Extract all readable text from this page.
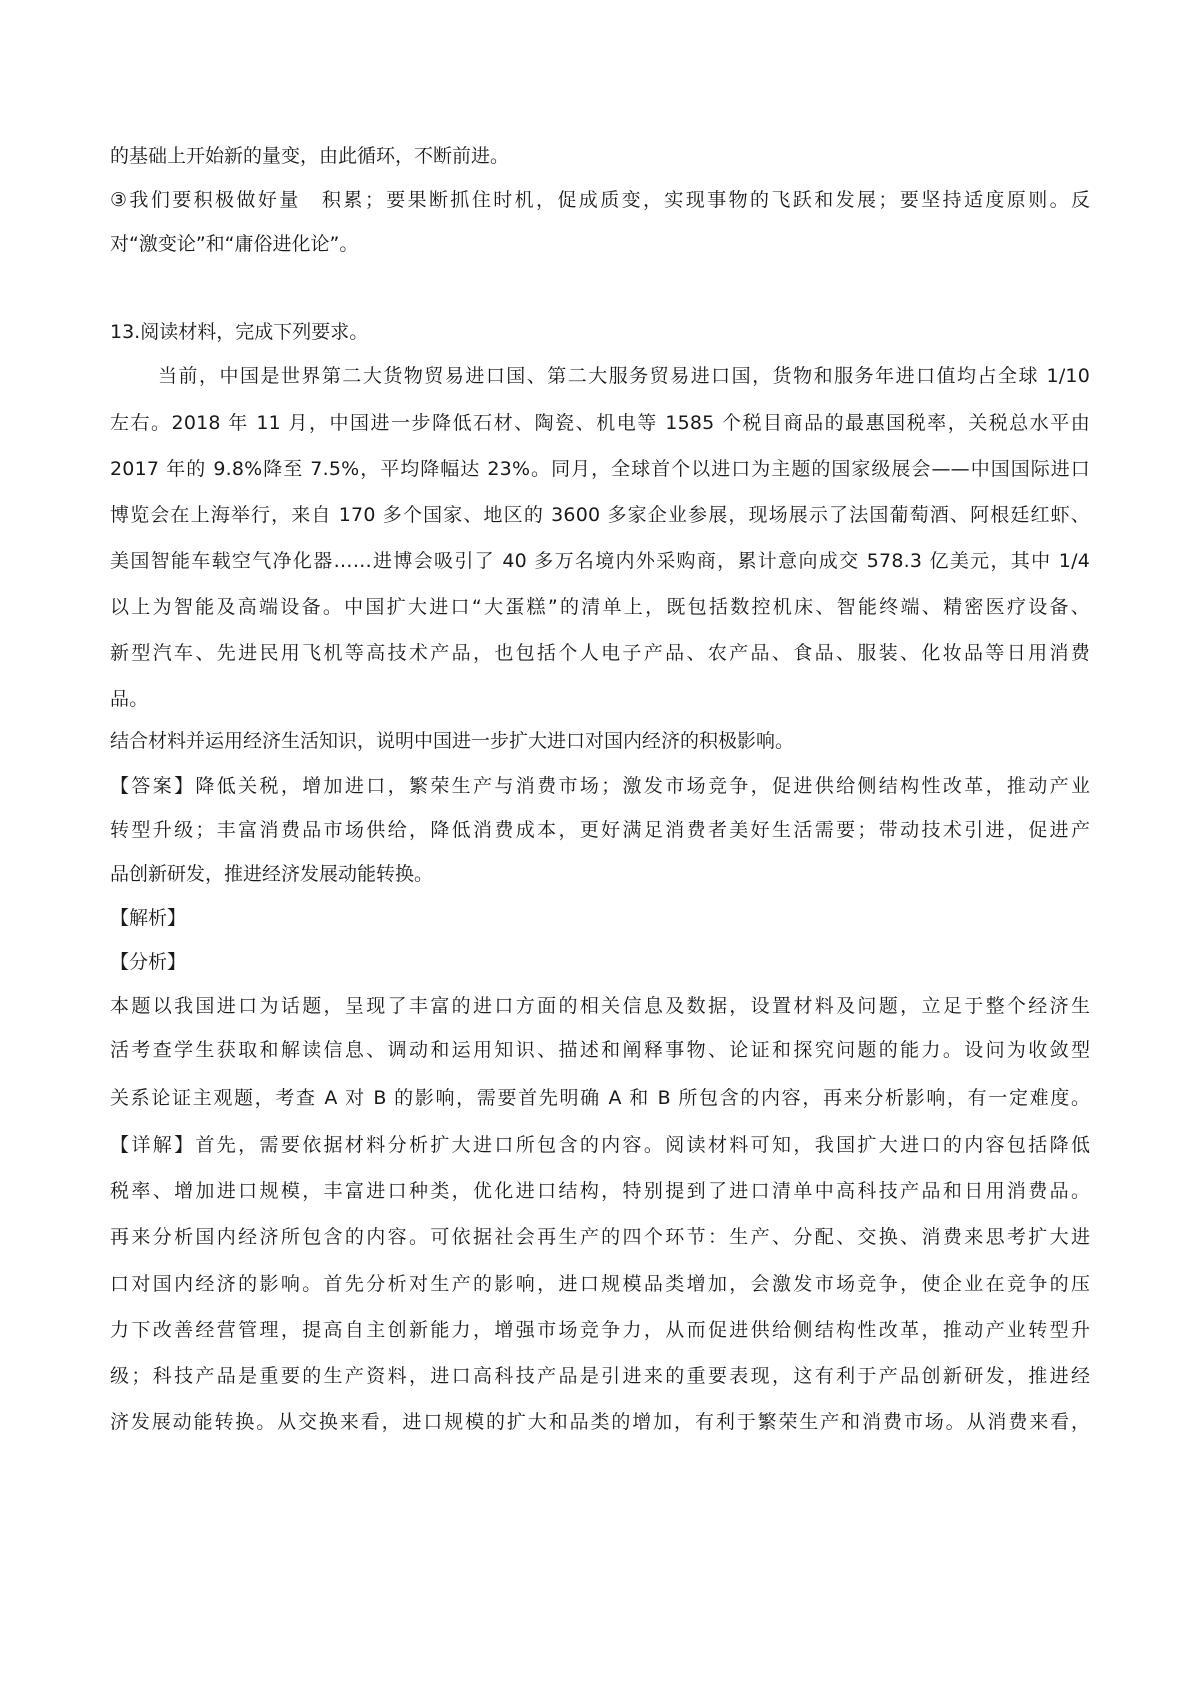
的基础上开始新的量变，由此循环，不断前进。
③我们要积极做好量　积累；要果断抓住时机，促成质变，实现事物的飞跃和发展；要坚持适度原则。反
对“激变论”和“庸俗进化论”。
13.阅读材料，完成下列要求。
当前，中国是世界第二大货物贸易进口国、第二大服务贸易进口国，货物和服务年进口值均占全球 1/10
左右。2018 年 11 月，中国进一步降低石材、陶瓷、机电等 1585 个税目商品的最惠国税率，关税总水平由
2017 年的 9.8%降至 7.5%，平均降幅达 23%。同月，全球首个以进口为主题的国家级展会——中国国际进口
博览会在上海举行，来自 170 多个国家、地区的 3600 多家企业参展，现场展示了法国葡萄酒、阿根廷红虾、
美国智能车载空气净化器……进博会吸引了 40 多万名境内外采购商，累计意向成交 578.3 亿美元，其中 1/4
以上为智能及高端设备。中国扩大进口“大蛋糕”的清单上，既包括数控机床、智能终端、精密医疗设备、
新型汽车、先进民用飞机等高技术产品，也包括个人电子产品、农产品、食品、服装、化妆品等日用消费
品。
结合材料并运用经济生活知识，说明中国进一步扩大进口对国内经济的积极影响。
【答案】降低关税，增加进口，繁荣生产与消费市场；激发市场竞争，促进供给侧结构性改革，推动产业
转型升级；丰富消费品市场供给，降低消费成本，更好满足消费者美好生活需要；带动技术引进，促进产
品创新研发，推进经济发展动能转换。
【解析】
【分析】
本题以我国进口为话题，呈现了丰富的进口方面的相关信息及数据，设置材料及问题，立足于整个经济生
活考查学生获取和解读信息、调动和运用知识、描述和阐释事物、论证和探究问题的能力。设问为收敛型
关系论证主观题，考查 A 对 B 的影响，需要首先明确 A 和 B 所包含的内容，再来分析影响，有一定难度。
【详解】首先，需要依据材料分析扩大进口所包含的内容。阅读材料可知，我国扩大进口的内容包括降低
税率、增加进口规模，丰富进口种类，优化进口结构，特别提到了进口清单中高科技产品和日用消费品。
再来分析国内经济所包含的内容。可依据社会再生产的四个环节：生产、分配、交换、消费来思考扩大进
口对国内经济的影响。首先分析对生产的影响，进口规模品类增加，会激发市场竞争，使企业在竞争的压
力下改善经营管理，提高自主创新能力，增强市场竞争力，从而促进供给侧结构性改革，推动产业转型升
级；科技产品是重要的生产资料，进口高科技产品是引进来的重要表现，这有利于产品创新研发，推进经
济发展动能转换。从交换来看，进口规模的扩大和品类的增加，有利于繁荣生产和消费市场。从消费来看，
